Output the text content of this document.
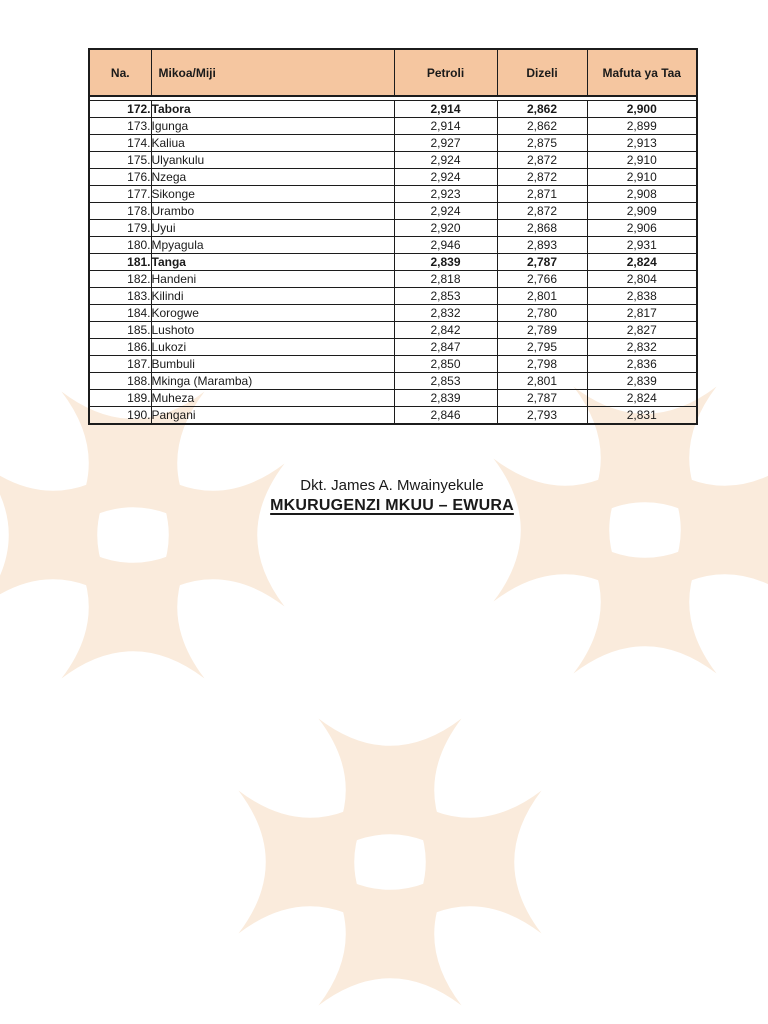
Na.	Mikoa/Miji	Petroli	Dizeli	Mafuta ya Taa

172.	Tabora	2,914	2,862	2,900
173.	Igunga	2,914	2,862	2,899
174.	Kaliua	2,927	2,875	2,913
175.	Ulyankulu	2,924	2,872	2,910
176.	Nzega	2,924	2,872	2,910
177.	Sikonge	2,923	2,871	2,908
178.	Urambo	2,924	2,872	2,909
179.	Uyui	2,920	2,868	2,906
180.	Mpyagula	2,946	2,893	2,931
181.	Tanga	2,839	2,787	2,824
182.	Handeni	2,818	2,766	2,804
183.	Kilindi	2,853	2,801	2,838
184.	Korogwe	2,832	2,780	2,817
185.	Lushoto	2,842	2,789	2,827
186.	Lukozi	2,847	2,795	2,832
187.	Bumbuli	2,850	2,798	2,836
188.	Mkinga (Maramba)	2,853	2,801	2,839
189.	Muheza	2,839	2,787	2,824
190.	Pangani	2,846	2,793	2,831
Dkt. James A. Mwainyekule
MKURUGENZI MKUU – EWURA
